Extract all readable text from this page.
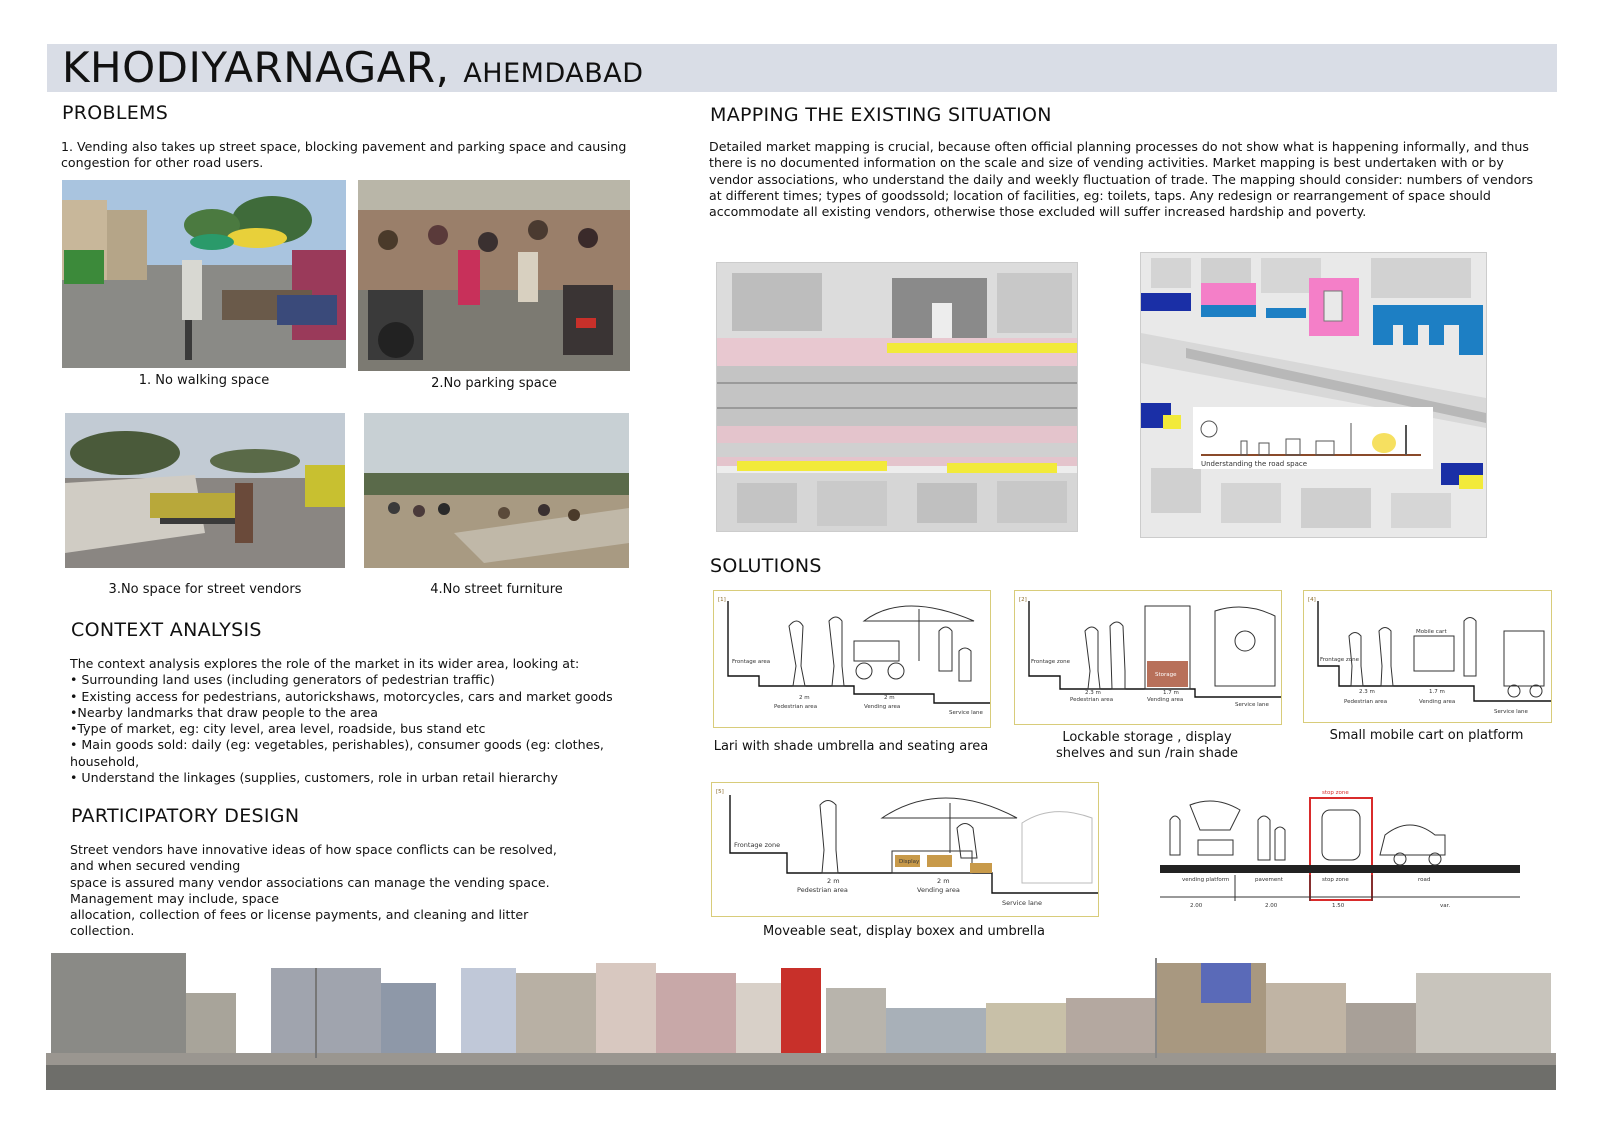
KHODIYARNAGAR, AHEMDABAD
PROBLEMS
1. Vending also takes up street space, blocking pavement and parking space and causing congestion for other road users.
1. No walking space	2.No parking space
3.No space for street vendors	4.No street furniture
CONTEXT ANALYSIS
The context analysis explores the role of the market in its wider area, looking at:
• Surrounding land uses (including generators of pedestrian traffic)
• Existing access for pedestrians, autorickshaws, motorcycles, cars and market goods
•Nearby landmarks that draw people to the area
•Type of market, eg: city level, area level, roadside, bus stand etc
• Main goods sold: daily (eg: vegetables, perishables), consumer goods (eg: clothes, household,
• Understand the linkages (supplies, customers, role in urban retail hierarchy
PARTICIPATORY DESIGN
Street vendors have innovative ideas of how space conflicts can be resolved,
and when secured vending
space is assured many vendor associations can manage the vending space.
Management may include, space
allocation, collection of fees or license payments, and cleaning and litter
collection.
MAPPING THE EXISTING SITUATION
Detailed market mapping is crucial, because often official planning processes do not show what is happening informally, and thus there is no documented information on the scale and size of vending activities. Market mapping is best undertaken with or by vendor associations, who understand the daily and weekly fluctuation of trade. The mapping should consider: numbers of vendors at different times; types of goodssold; location of facilities, eg: toilets, taps. Any redesign or rearrangement of space should accommodate all existing vendors, otherwise those excluded will suffer increased hardship and poverty.
Understanding the road space
SOLUTIONS
[1]
Frontage area
Pedestrian area	Vending area
Service lane
2 m	2 m
Lari with shade umbrella and seating area
[2]
Frontage zone
Storage
Pedestrian area	Vending area
Service lane
2.3 m	1.7 m
Lockable storage , display shelves and sun /rain shade
[4]
Frontage zone
Mobile cart
Pedestrian area	Vending area
Service lane
2.3 m	1.7 m
Small mobile cart on platform
[5]
Frontage zone
Display
Pedestrian area	Vending area
Service lane
2 m	2 m
Moveable seat, display boxex and umbrella
stop zone
vending platform	pavement	stop zone	road
2.00	2.00	1.50	var.
